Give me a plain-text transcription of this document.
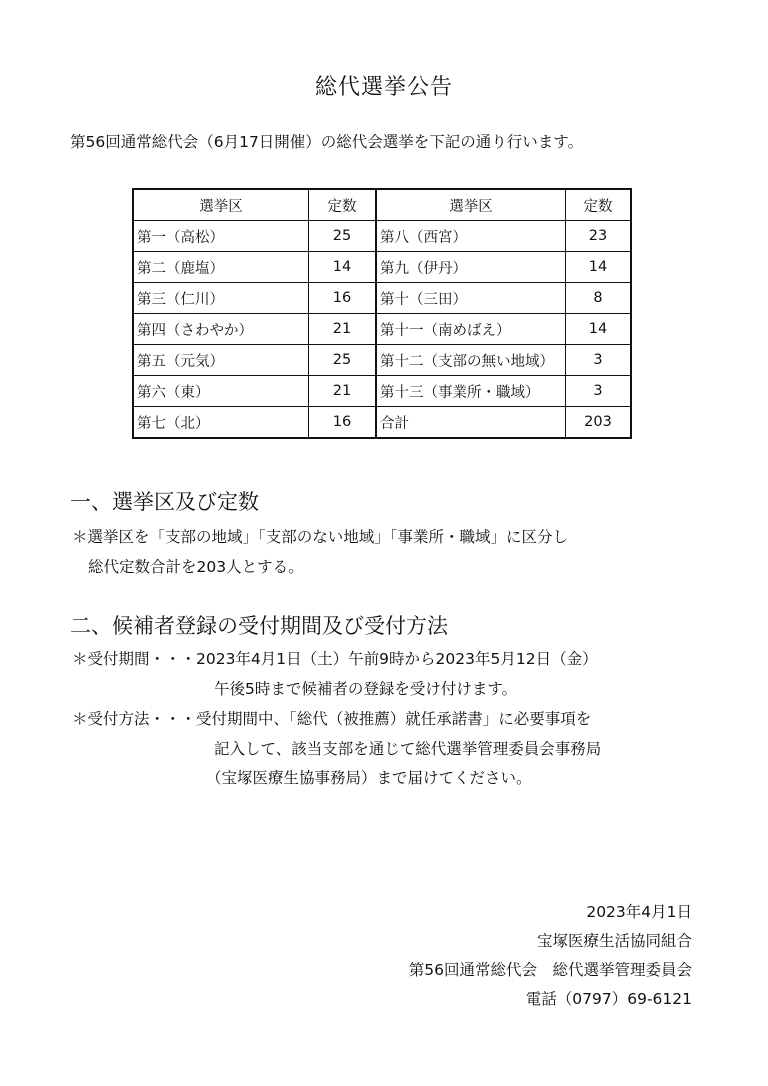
総代選挙公告
第56回通常総代会（6月17日開催）の総代会選挙を下記の通り行います。
選挙区	定数	選挙区	定数
第一（高松）	25	第八（西宮）	23
第二（鹿塩）	14	第九（伊丹）	14
第三（仁川）	16	第十（三田）	8
第四（さわやか）	21	第十一（南めばえ）	14
第五（元気）	25	第十二（支部の無い地域）	3
第六（東）	21	第十三（事業所・職域）	3
第七（北）	16	合計	203
一、選挙区及び定数
＊選挙区を「支部の地域」「支部のない地域」「事業所・職域」に区分し
総代定数合計を203人とする。
二、候補者登録の受付期間及び受付方法
＊受付期間・・・2023年4月1日（土）午前9時から2023年5月12日（金）
午後5時まで候補者の登録を受け付けます。
＊受付方法・・・受付期間中、「総代（被推薦）就任承諾書」に必要事項を
記入して、該当支部を通じて総代選挙管理委員会事務局
（宝塚医療生協事務局）まで届けてください。
2023年4月1日
宝塚医療生活協同組合
第56回通常総代会　総代選挙管理委員会
電話（0797）69-6121
